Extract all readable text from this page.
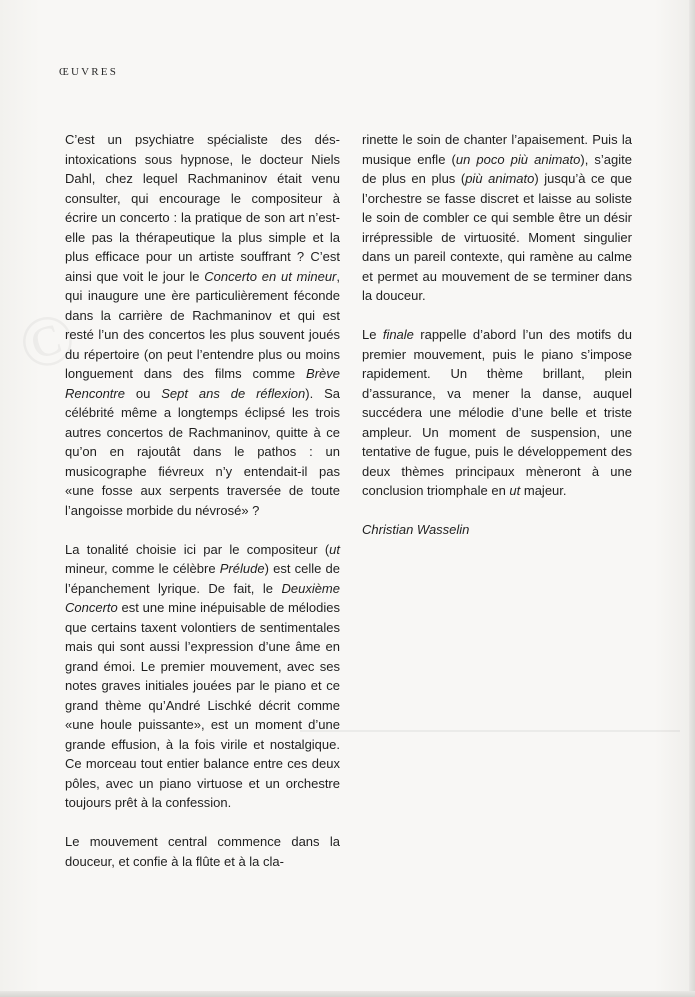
ŒUVRES

C’est un psychiatre spécialiste des désintoxications sous hypnose, le docteur Niels Dahl, chez lequel Rachmaninov était venu consulter, qui encourage le compositeur à écrire un concerto : la pratique de son art n’est-elle pas la thérapeutique la plus simple et la plus efficace pour un artiste souffrant ? C’est ainsi que voit le jour le Concerto en ut mineur, qui inaugure une ère particulièrement féconde dans la carrière de Rachmaninov et qui est resté l’un des concertos les plus souvent joués du répertoire (on peut l’entendre plus ou moins longuement dans des films comme Brève Rencontre ou Sept ans de réflexion). Sa célébrité même a longtemps éclipsé les trois autres concertos de Rachmaninov, quitte à ce qu’on en rajoutât dans le pathos : un musicographe fiévreux n’y entendait-il pas «une fosse aux serpents traversée de toute l’angoisse morbide du névrosé» ?

La tonalité choisie ici par le compositeur (ut mineur, comme le célèbre Prélude) est celle de l’épanchement lyrique. De fait, le Deuxième Concerto est une mine inépuisable de mélodies que certains taxent volontiers de sentimentales mais qui sont aussi l’expression d’une âme en grand émoi. Le premier mouvement, avec ses notes graves initiales jouées par le piano et ce grand thème qu’André Lischké décrit comme «une houle puissante», est un moment d’une grande effusion, à la fois virile et nostalgique. Ce morceau tout entier balance entre ces deux pôles, avec un piano virtuose et un orchestre toujours prêt à la confession.

Le mouvement central commence dans la douceur, et confie à la flûte et à la cla-

rinette le soin de chanter l’apaisement. Puis la musique enfle (un poco più animato), s’agite de plus en plus (più animato) jusqu’à ce que l’orchestre se fasse discret et laisse au soliste le soin de combler ce qui semble être un désir irrépressible de virtuosité. Moment singulier dans un pareil contexte, qui ramène au calme et permet au mouvement de se terminer dans la douceur.

Le finale rappelle d’abord l’un des motifs du premier mouvement, puis le piano s’impose rapidement. Un thème brillant, plein d’assurance, va mener la danse, auquel succédera une mélodie d’une belle et triste ampleur. Un moment de suspension, une tentative de fugue, puis le développement des deux thèmes principaux mèneront à une conclusion triomphale en ut majeur.

Christian Wasselin
